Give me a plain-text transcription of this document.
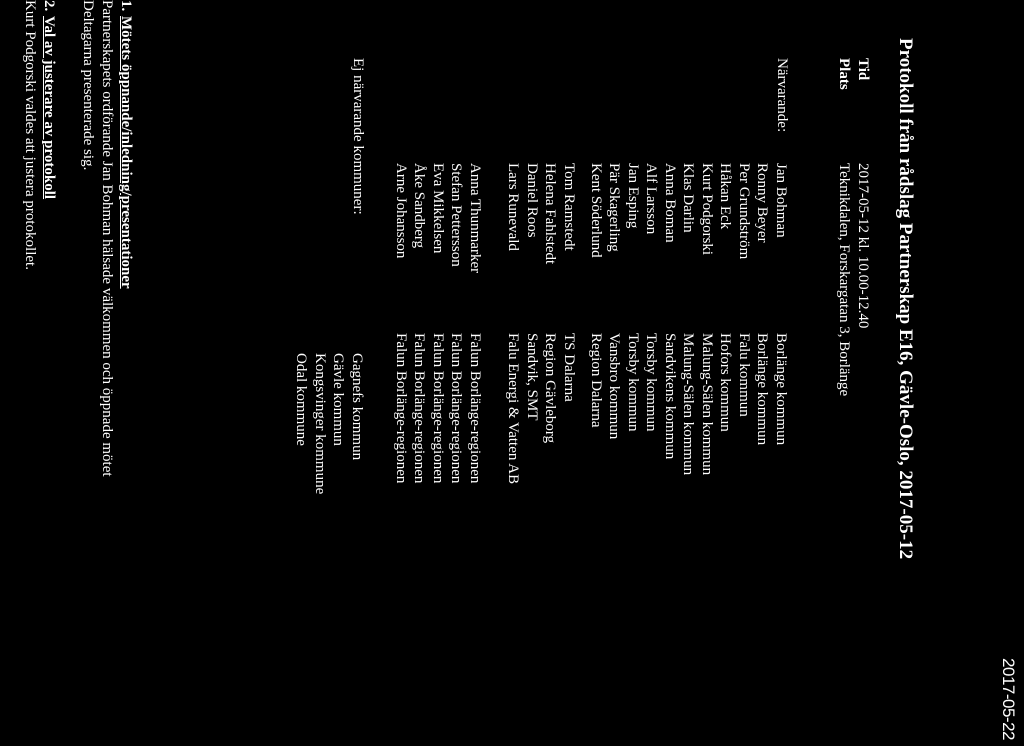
2017-05-22
Protokoll från rådslag Partnerskap E16, Gävle-Oslo, 2017-05-12
Tid
2017-05-12 kl. 10.00-12.40
Plats
Teknikdalen, Forskargatan 3, Borlänge
Närvarande:
Jan Bohman
Borlänge kommun
Ronny Beyer
Borlänge kommun
Per Grundström
Falu kommun
Håkan Eck
Hofors kommun
Kurt Podgorski
Malung-Sälen kommun
Klas Darlin
Malung-Sälen kommun
Anna Boman
Sandvikens kommun
Alf Larsson
Torsby kommun
Jan Esping
Torsby kommun
Pär Skagerling
Vansbro kommun
Kent Söderlund
Region Dalarna
Tom Ramstedt
TS Dalarna
Helena Fahlstedt
Region Gävleborg
Daniel Roos
Sandvik, SMT
Lars Runevald
Falu Energi & Vatten AB
Anna Thunmarker
Falun Borlänge-regionen
Stefan Pettersson
Falun Borlänge-regionen
Eva Mikkelsen
Falun Borlänge-regionen
Åke Sandberg
Falun Borlänge-regionen
Arne Johansson
Falun Borlänge-regionen
Ej närvarande kommuner:
Gagnefs kommun
Gävle kommun
Kongsvinger kommune
Odal kommune
1.Mötets öppnande/inledning/presentationer
Partnerskapets ordförande Jan Bohman hälsade välkommen och öppnade mötet
Deltagarna presenterade sig.
2.Val av justerare av protokoll
Kurt Podgorski valdes att justera protokollet.
